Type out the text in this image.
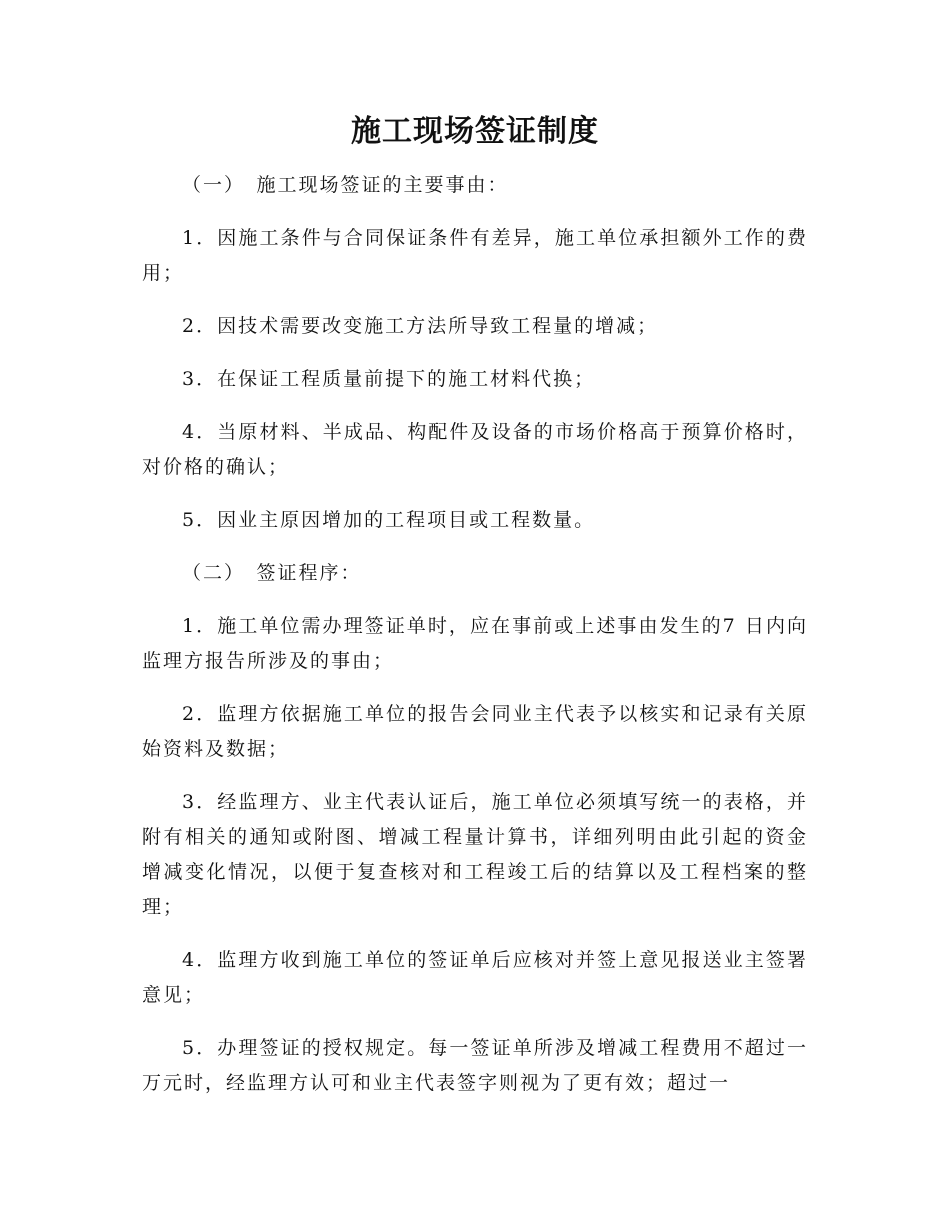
施工现场签证制度

（一）　施工现场签证的主要事由：

1．因施工条件与合同保证条件有差异，施工单位承担额外工作的费用；

2．因技术需要改变施工方法所导致工程量的增减；

3．在保证工程质量前提下的施工材料代换；

4．当原材料、半成品、构配件及设备的市场价格高于预算价格时，对价格的确认；

5．因业主原因增加的工程项目或工程数量。

（二）　签证程序：

1．施工单位需办理签证单时，应在事前或上述事由发生的7 日内向监理方报告所涉及的事由；

2．监理方依据施工单位的报告会同业主代表予以核实和记录有关原始资料及数据；

3．经监理方、业主代表认证后，施工单位必须填写统一的表格，并附有相关的通知或附图、增减工程量计算书，详细列明由此引起的资金增减变化情况，以便于复查核对和工程竣工后的结算以及工程档案的整理；

4．监理方收到施工单位的签证单后应核对并签上意见报送业主签署意见；

5．办理签证的授权规定。每一签证单所涉及增减工程费用不超过一万元时，经监理方认可和业主代表签字则视为了更有效；超过一
